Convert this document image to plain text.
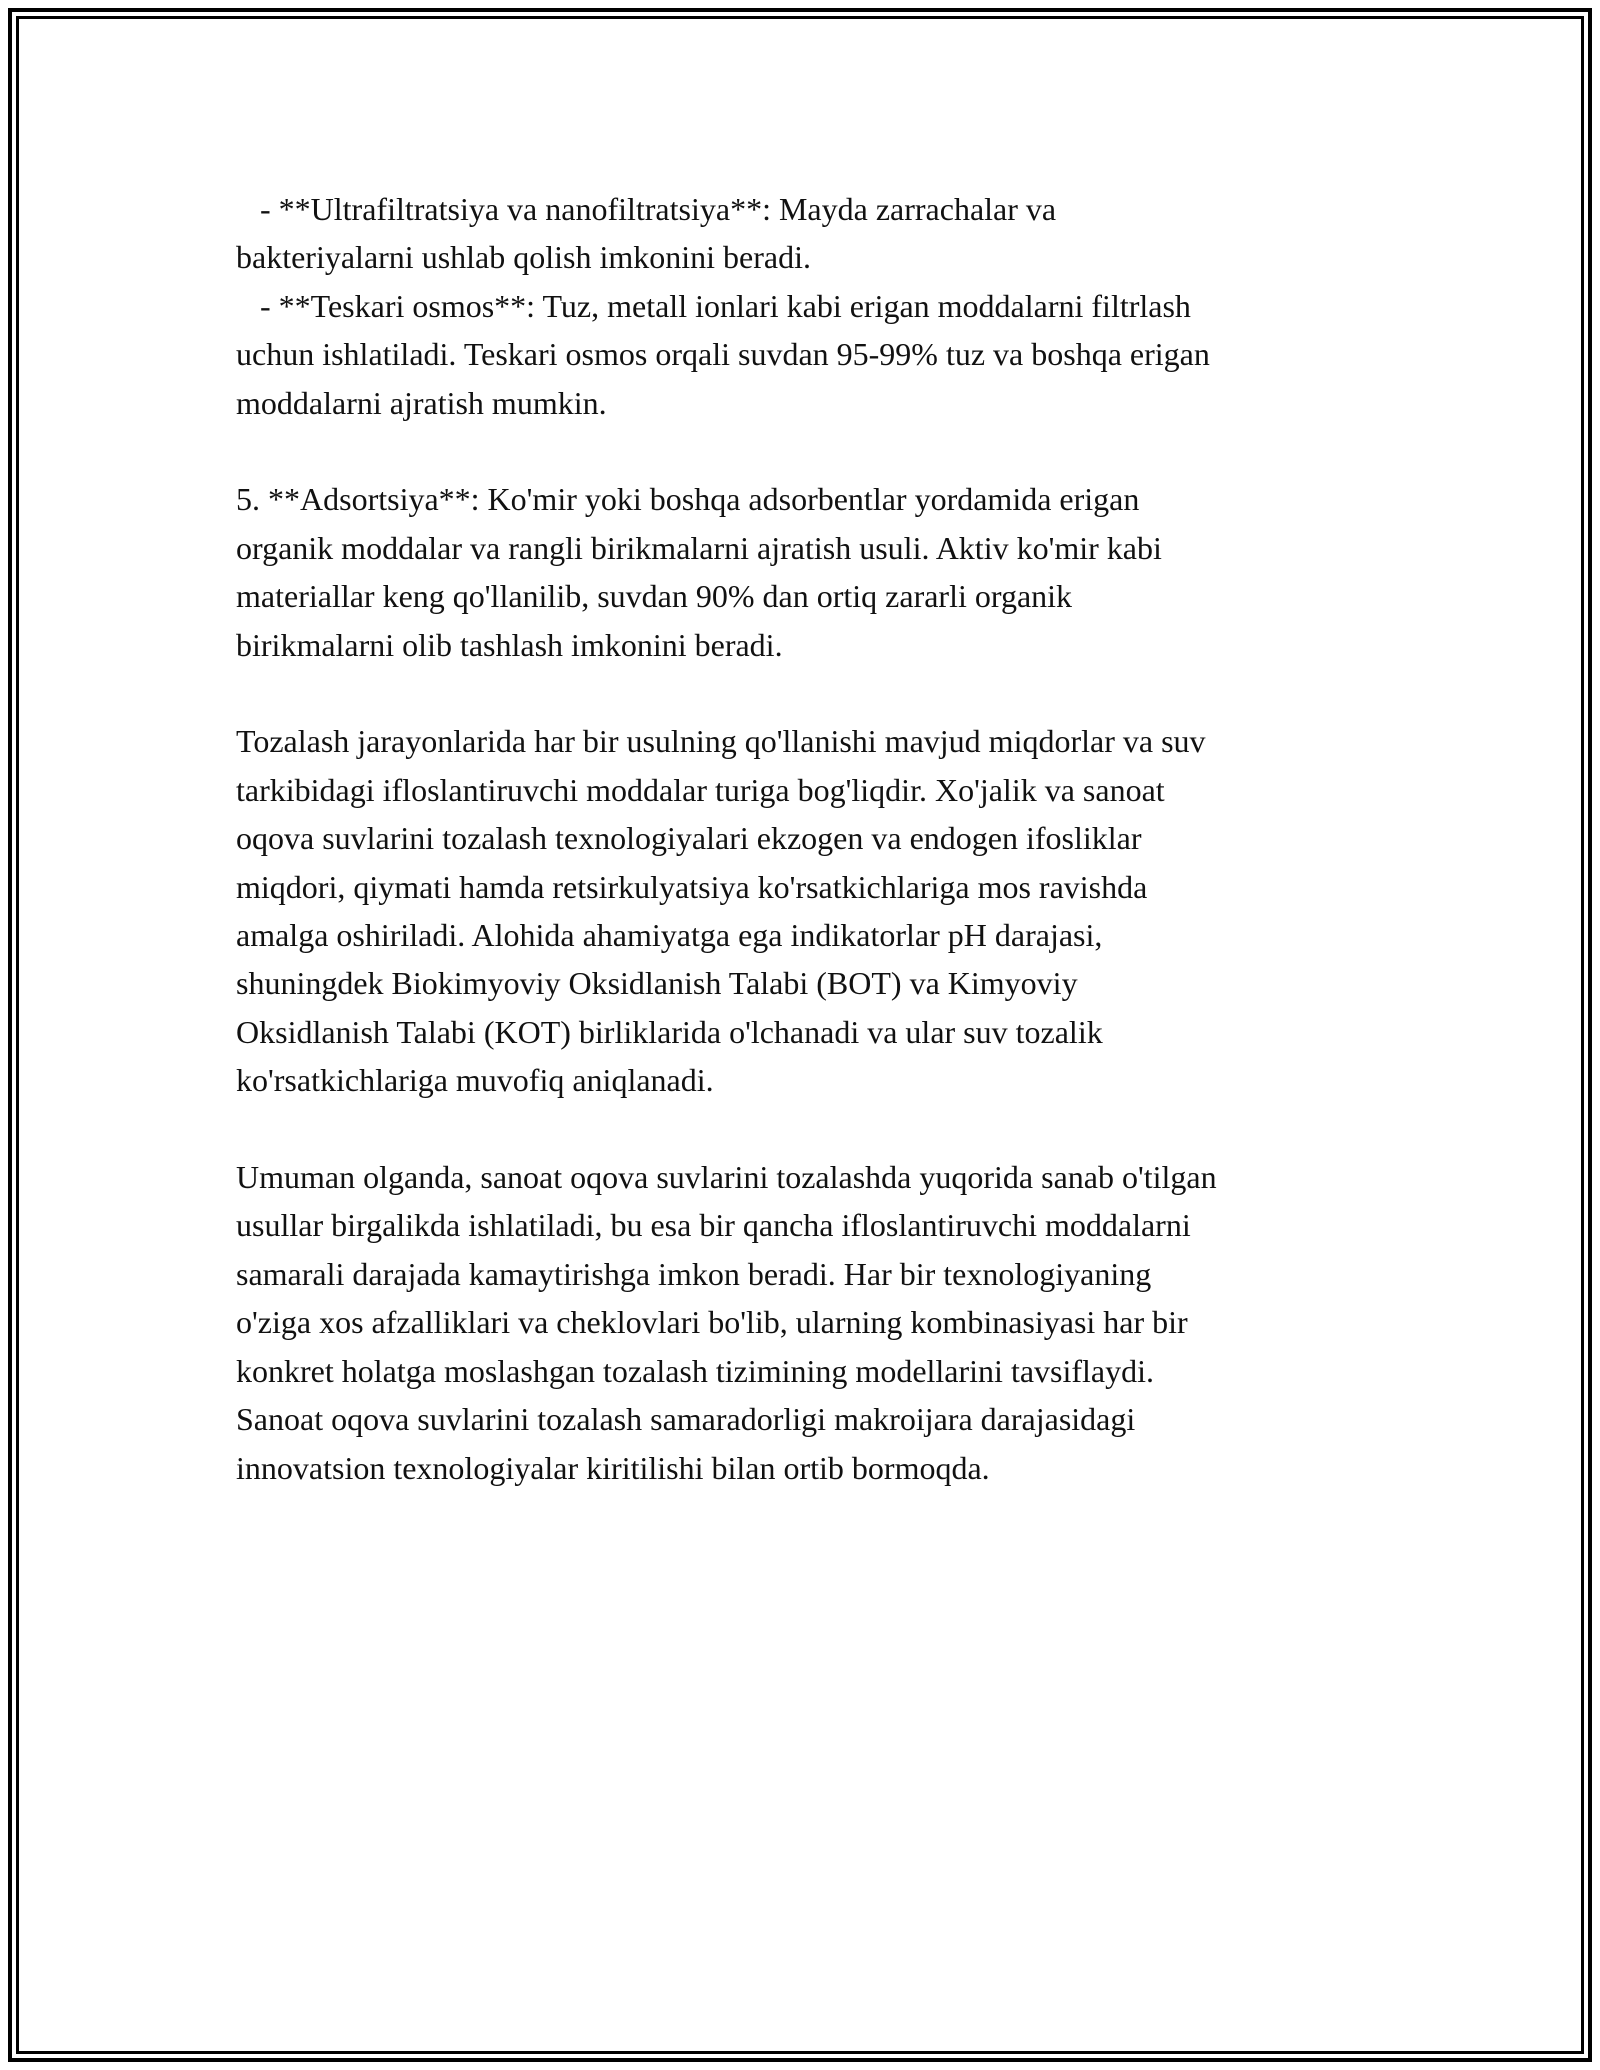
- **Ultrafiltratsiya va nanofiltratsiya**: Mayda zarrachalar va
bakteriyalarni ushlab qolish imkonini beradi.
- **Teskari osmos**: Tuz, metall ionlari kabi erigan moddalarni filtrlash
uchun ishlatiladi. Teskari osmos orqali suvdan 95-99% tuz va boshqa erigan
moddalarni ajratish mumkin.
5. **Adsortsiya**: Ko'mir yoki boshqa adsorbentlar yordamida erigan
organik moddalar va rangli birikmalarni ajratish usuli. Aktiv ko'mir kabi
materiallar keng qo'llanilib, suvdan 90% dan ortiq zararli organik
birikmalarni olib tashlash imkonini beradi.
Tozalash jarayonlarida har bir usulning qo'llanishi mavjud miqdorlar va suv
tarkibidagi ifloslantiruvchi moddalar turiga bog'liqdir. Xo'jalik va sanoat
oqova suvlarini tozalash texnologiyalari ekzogen va endogen ifosliklar
miqdori, qiymati hamda retsirkulyatsiya ko'rsatkichlariga mos ravishda
amalga oshiriladi. Alohida ahamiyatga ega indikatorlar pH darajasi,
shuningdek Biokimyoviy Oksidlanish Talabi (BOT) va Kimyoviy
Oksidlanish Talabi (KOT) birliklarida o'lchanadi va ular suv tozalik
ko'rsatkichlariga muvofiq aniqlanadi.
Umuman olganda, sanoat oqova suvlarini tozalashda yuqorida sanab o'tilgan
usullar birgalikda ishlatiladi, bu esa bir qancha ifloslantiruvchi moddalarni
samarali darajada kamaytirishga imkon beradi. Har bir texnologiyaning
o'ziga xos afzalliklari va cheklovlari bo'lib, ularning kombinasiyasi har bir
konkret holatga moslashgan tozalash tizimining modellarini tavsiflaydi.
Sanoat oqova suvlarini tozalash samaradorligi makroijara darajasidagi
innovatsion texnologiyalar kiritilishi bilan ortib bormoqda.
